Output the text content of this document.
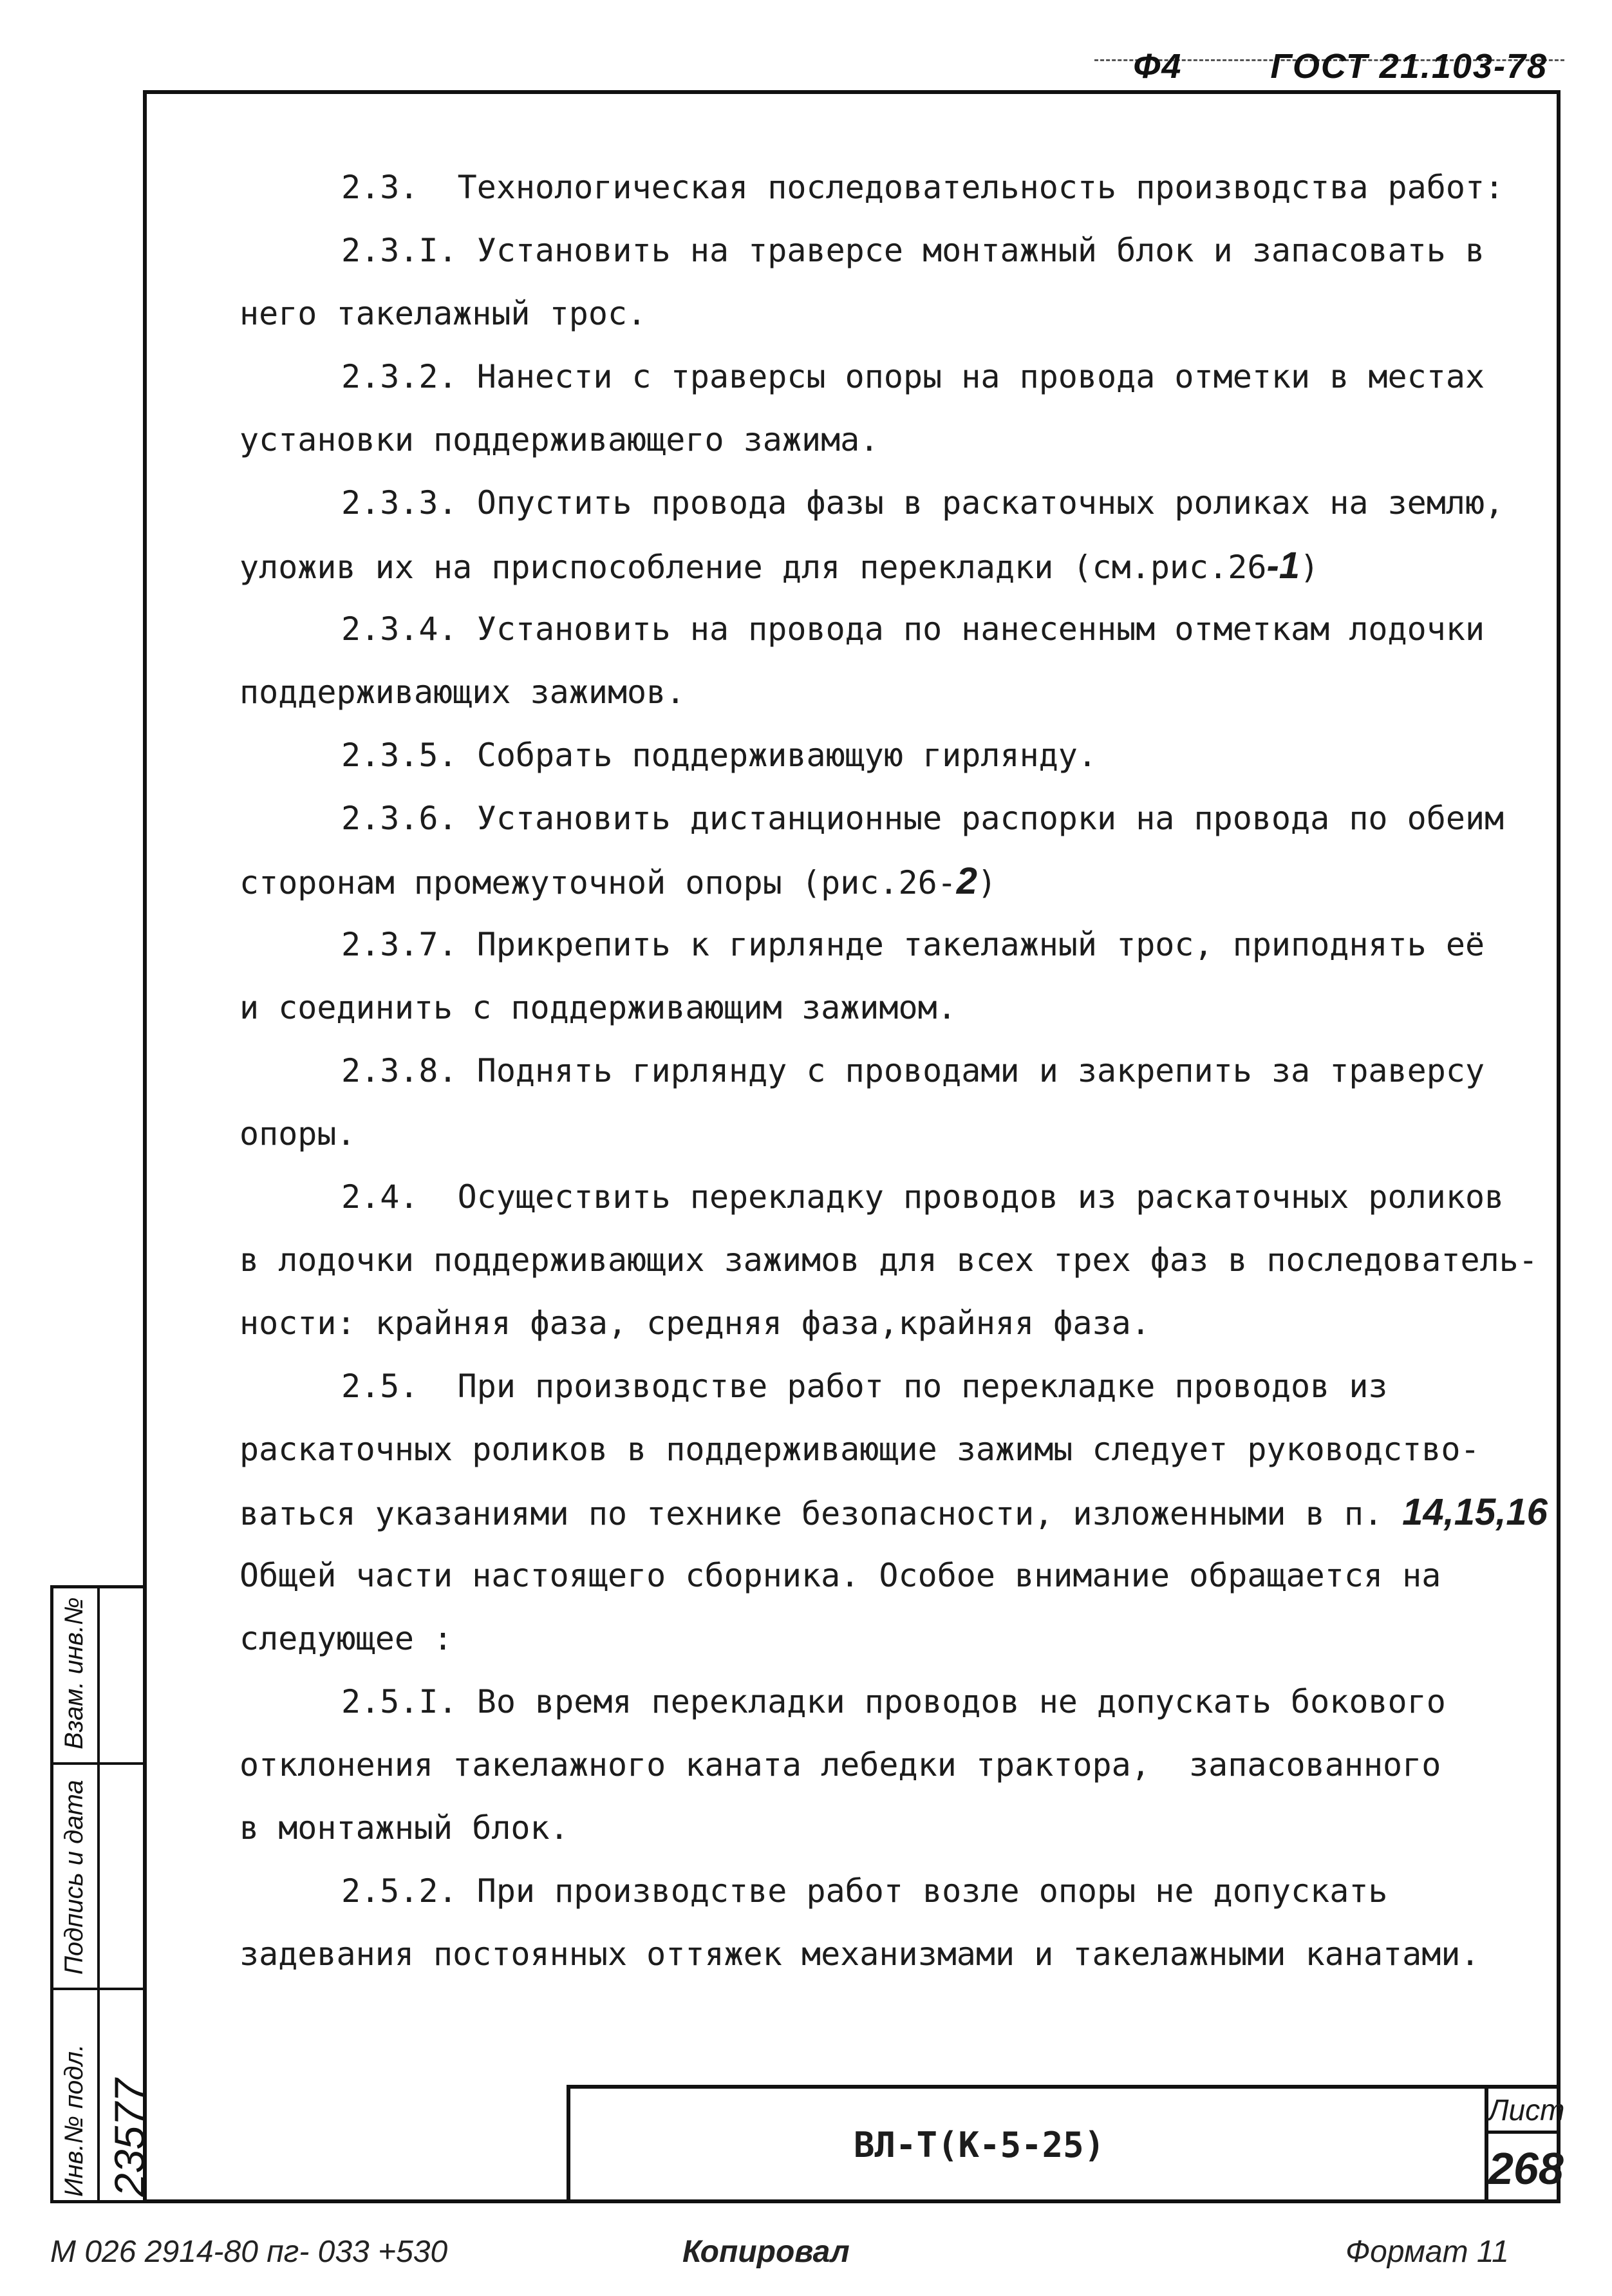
Ф4	ГОСТ 21.103-78
2.3.  Технологическая последовательность производства работ:
2.3.I. Установить на траверсе монтажный блок и запасовать в
него такелажный трос.
2.3.2. Нанести с траверсы опоры на провода отметки в местах
установки поддерживающего зажима.
2.3.3. Опустить провода фазы в раскаточных роликах на землю,
уложив их на приспособление для перекладки (см.рис.26-1)
2.3.4. Установить на провода по нанесенным отметкам лодочки
поддерживающих зажимов.
2.3.5. Собрать поддерживающую гирлянду.
2.3.6. Установить дистанционные распорки на провода по обеим
сторонам промежуточной опоры (рис.26-2)
2.3.7. Прикрепить к гирлянде такелажный трос, приподнять её
и соединить с поддерживающим зажимом.
2.3.8. Поднять гирлянду с проводами и закрепить за траверсу
опоры.
2.4.  Осуществить перекладку проводов из раскаточных роликов
в лодочки поддерживающих зажимов для всех трех фаз в последователь-
ности: крайняя фаза, средняя фаза,крайняя фаза.
2.5.  При производстве работ по перекладке проводов из
раскаточных роликов в поддерживающие зажимы следует руководство-
ваться указаниями по технике безопасности, изложенными в п. 14,15,16
Общей части настоящего сборника. Особое внимание обращается на
следующее :
2.5.I. Во время перекладки проводов не допускать бокового
отклонения такелажного каната лебедки трактора,  запасованного
в монтажный блок.
2.5.2. При производстве работ возле опоры не допускать
задевания постоянных оттяжек механизмами и такелажными канатами.
Взам. инв.№
Подпись и дата
Инв.№ подл. 23577	ВЛ-Т(К-5-25)
Лист
268
М 026 2914-80 пг- 033 +530	Копировал	Формат 11
